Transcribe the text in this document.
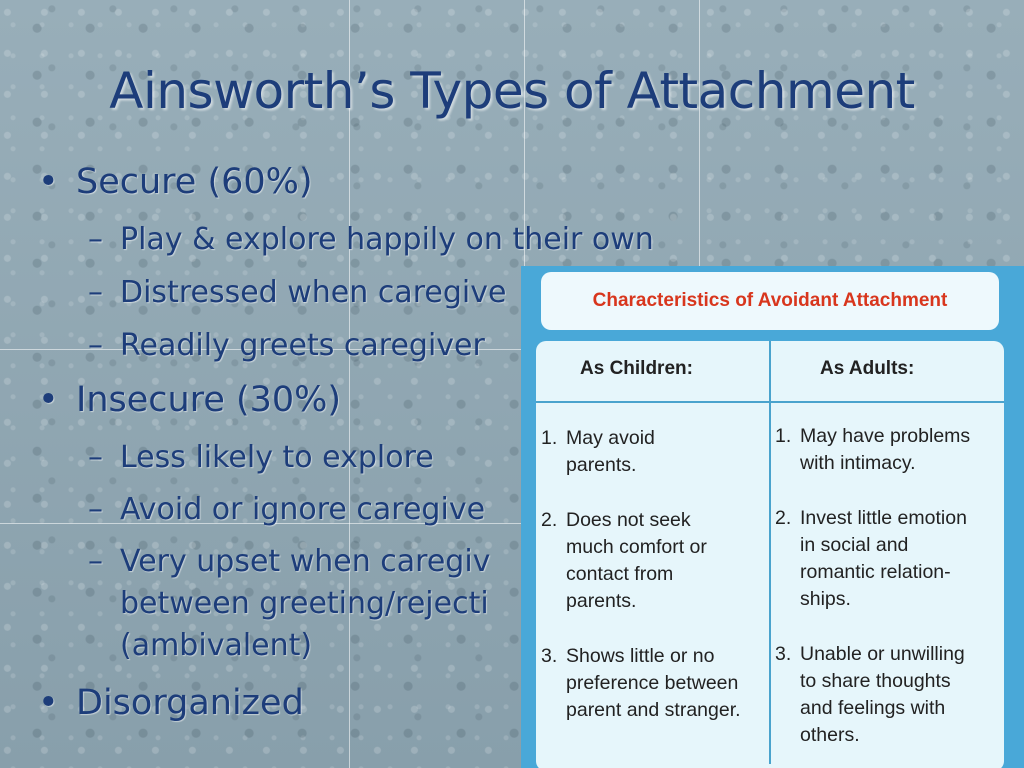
Ainsworth’s Types of Attachment
• Secure (60%)
– Play & explore happily on their own
– Distressed when caregive
– Readily greets caregiver
• Insecure (30%)
– Less likely to explore
– Avoid or ignore caregive
– Very upset when caregiv
between greeting/rejecti
(ambivalent)
• Disorganized
Characteristics of Avoidant Attachment
As Children:	As Adults:
1. May avoid
parents.
2. Does not seek
much comfort or
contact from
parents.
3. Shows little or no
preference between
parent and stranger.
1. May have problems
with intimacy.
2. Invest little emotion
in social and
romantic relation-
ships.
3. Unable or unwilling
to share thoughts
and feelings with
others.
